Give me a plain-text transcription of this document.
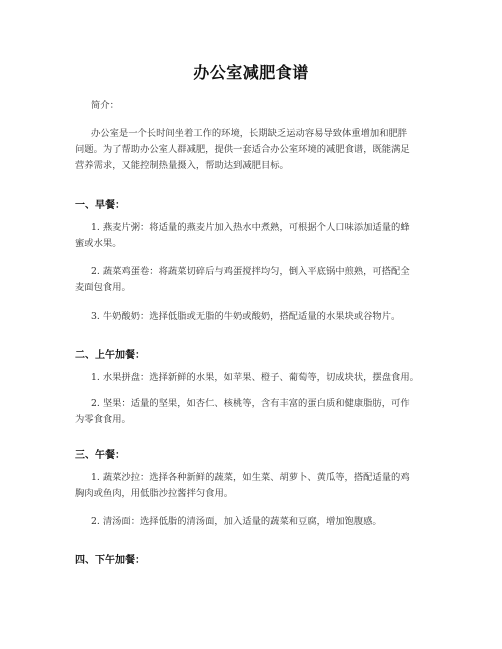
办公室减肥食谱
简介：
办公室是一个长时间坐着工作的环境，长期缺乏运动容易导致体重增加和肥胖
问题。为了帮助办公室人群减肥，提供一套适合办公室环境的减肥食谱，既能满足
营养需求，又能控制热量摄入，帮助达到减肥目标。
一、早餐：
1. 燕麦片粥：将适量的燕麦片加入热水中煮熟，可根据个人口味添加适量的蜂
蜜或水果。
2. 蔬菜鸡蛋卷：将蔬菜切碎后与鸡蛋搅拌均匀，倒入平底锅中煎熟，可搭配全
麦面包食用。
3. 牛奶酸奶：选择低脂或无脂的牛奶或酸奶，搭配适量的水果块或谷物片。
二、上午加餐：
1. 水果拼盘：选择新鲜的水果，如苹果、橙子、葡萄等，切成块状，摆盘食用。
2. 坚果：适量的坚果，如杏仁、核桃等，含有丰富的蛋白质和健康脂肪，可作
为零食食用。
三、午餐：
1. 蔬菜沙拉：选择各种新鲜的蔬菜，如生菜、胡萝卜、黄瓜等，搭配适量的鸡
胸肉或鱼肉，用低脂沙拉酱拌匀食用。
2. 清汤面：选择低脂的清汤面，加入适量的蔬菜和豆腐，增加饱腹感。
四、下午加餐：
